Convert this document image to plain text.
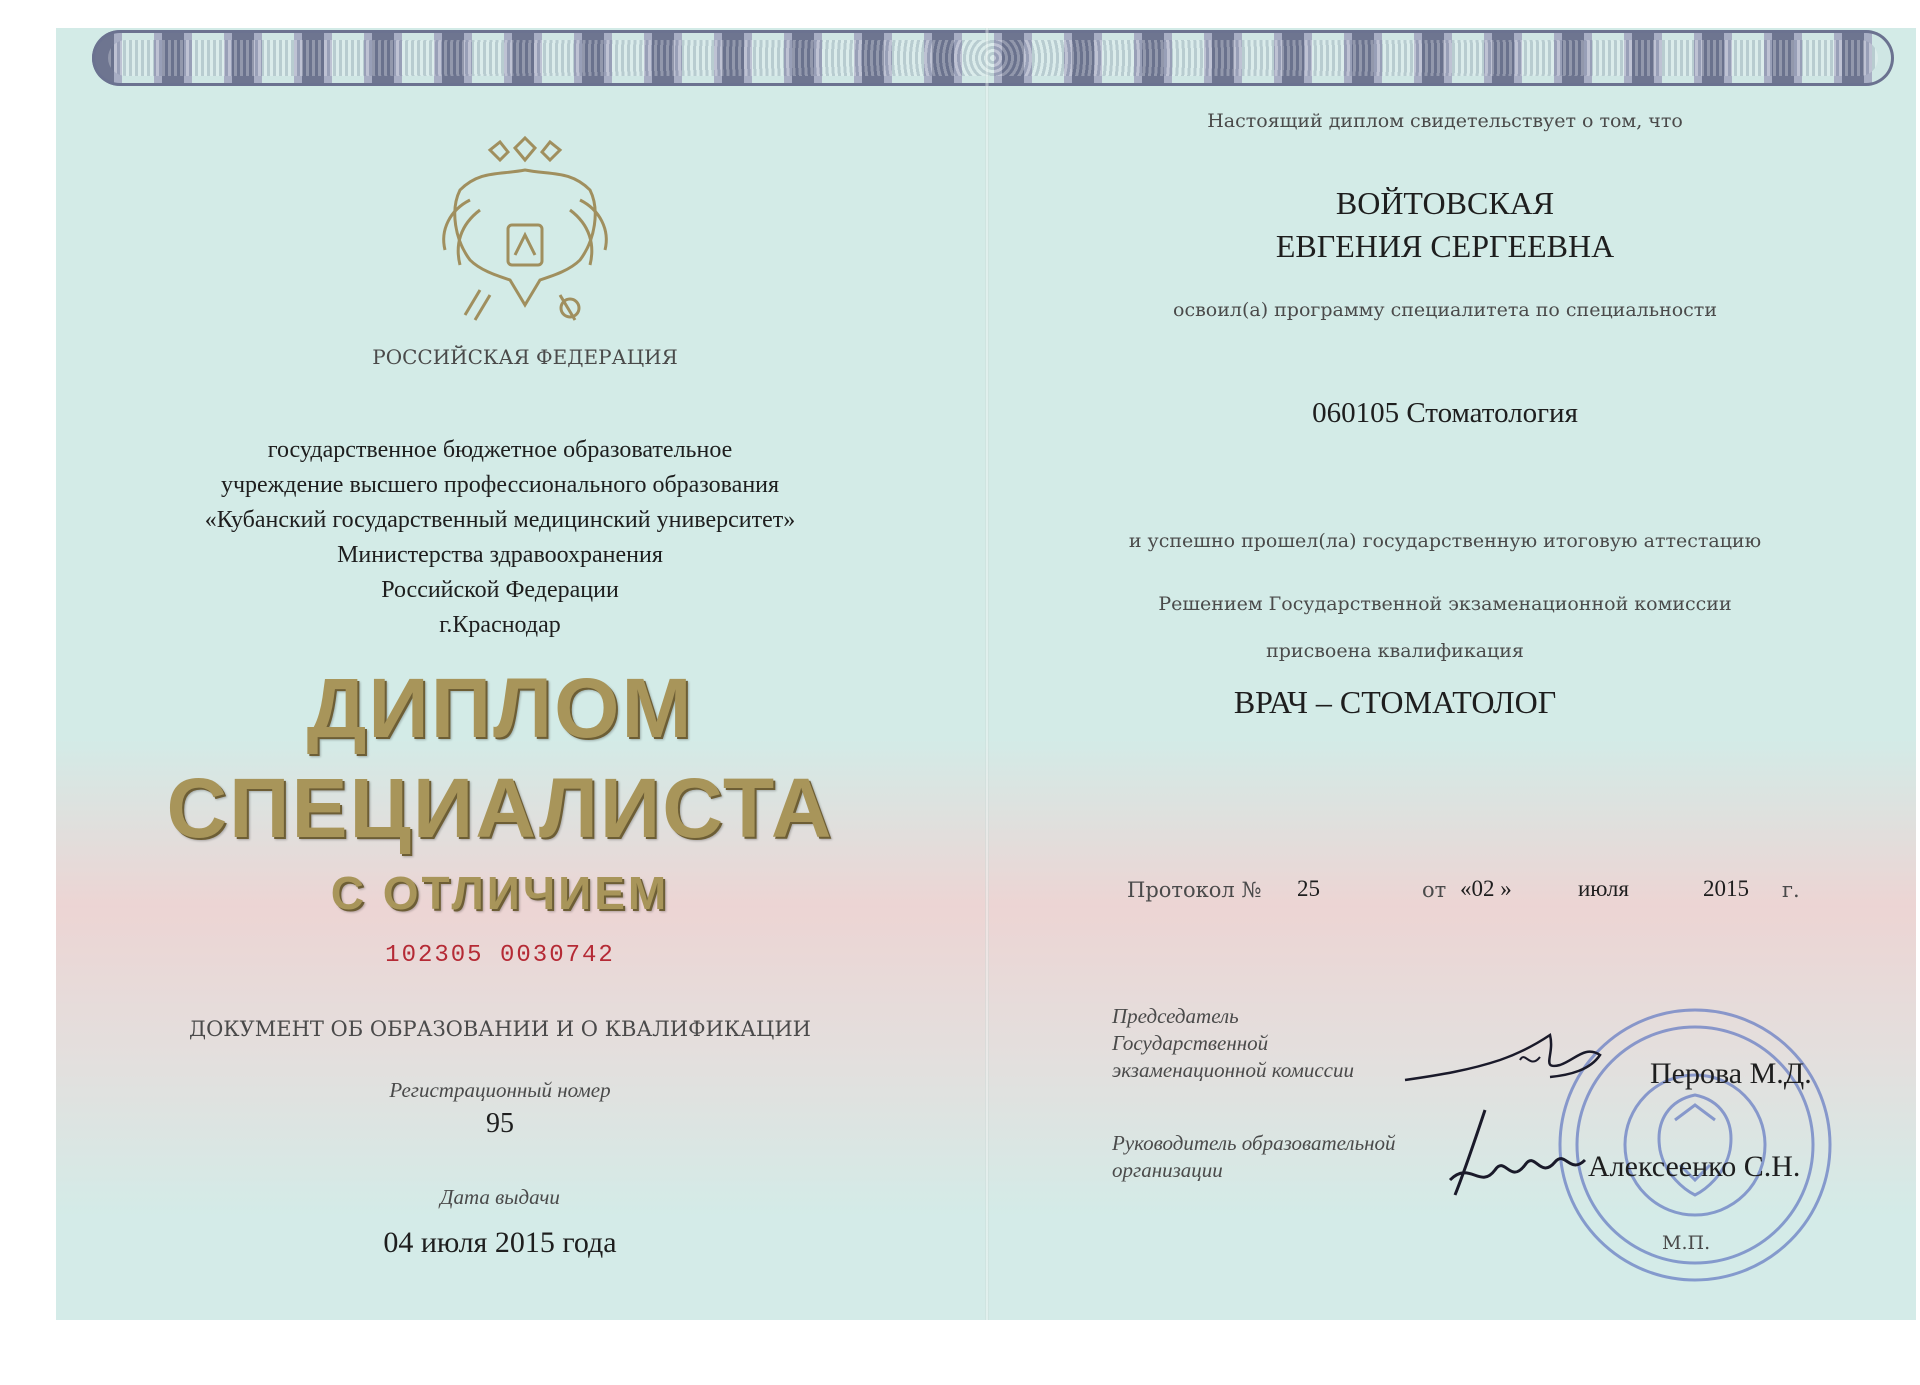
РОССИЙСКАЯ ФЕДЕРАЦИЯ
государственное бюджетное образовательное
учреждение высшего профессионального образования
«Кубанский государственный медицинский университет»
Министерства здравоохранения
Российской Федерации
г.Краснодар
ДИПЛОМ
СПЕЦИАЛИСТА
С ОТЛИЧИЕМ
102305 0030742
ДОКУМЕНТ ОБ ОБРАЗОВАНИИ И О КВАЛИФИКАЦИИ
Регистрационный номер
95
Дата выдачи
04 июля 2015 года
Настоящий диплом свидетельствует о том, что
ВОЙТОВСКАЯ
ЕВГЕНИЯ СЕРГЕЕВНА
освоил(а) программу специалитета по специальности
060105 Стоматология
и успешно прошел(ла) государственную итоговую аттестацию
Решением Государственной экзаменационной комиссии
присвоена квалификация
ВРАЧ – СТОМАТОЛОГ
Протокол № 25	от «02 »	июля	2015 г.
Председатель
Государственной
экзаменационной комиссии	Перова М.Д.
Руководитель образовательной
организации	Алексеенко С.Н.
М.П.
